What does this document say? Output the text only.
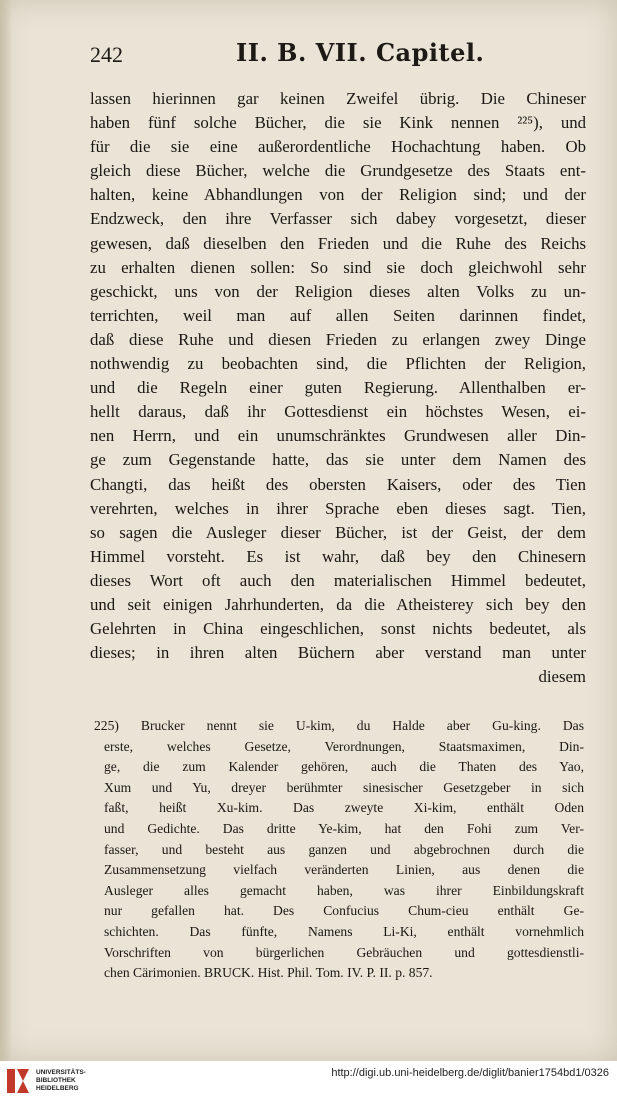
242	II. B. VII. Capitel.
lassen hierinnen gar keinen Zweifel übrig. Die Chineser
haben fünf solche Bücher, die sie Kink nennen ²²⁵), und
für die sie eine außerordentliche Hochachtung haben. Ob
gleich diese Bücher, welche die Grundgesetze des Staats ent-
halten, keine Abhandlungen von der Religion sind; und der
Endzweck, den ihre Verfasser sich dabey vorgesetzt, dieser
gewesen, daß dieselben den Frieden und die Ruhe des Reichs
zu erhalten dienen sollen: So sind sie doch gleichwohl sehr
geschickt, uns von der Religion dieses alten Volks zu un-
terrichten, weil man auf allen Seiten darinnen findet,
daß diese Ruhe und diesen Frieden zu erlangen zwey Dinge
nothwendig zu beobachten sind, die Pflichten der Religion,
und die Regeln einer guten Regierung. Allenthalben er-
hellt daraus, daß ihr Gottesdienst ein höchstes Wesen, ei-
nen Herrn, und ein unumschränktes Grundwesen aller Din-
ge zum Gegenstande hatte, das sie unter dem Namen des
Changti, das heißt des obersten Kaisers, oder des Tien
verehrten, welches in ihrer Sprache eben dieses sagt. Tien,
so sagen die Ausleger dieser Bücher, ist der Geist, der dem
Himmel vorsteht. Es ist wahr, daß bey den Chinesern
dieses Wort oft auch den materialischen Himmel bedeutet,
und seit einigen Jahrhunderten, da die Atheisterey sich bey den
Gelehrten in China eingeschlichen, sonst nichts bedeutet, als
dieses; in ihren alten Büchern aber verstand man unter
diesem
225) Brucker nennt sie U-kim, du Halde aber Gu-king. Das
erste, welches Gesetze, Verordnungen, Staatsmaximen, Din-
ge, die zum Kalender gehören, auch die Thaten des Yao,
Xum und Yu, dreyer berühmter sinesischer Gesetzgeber in sich
faßt, heißt Xu-kim. Das zweyte Xi-kim, enthält Oden
und Gedichte. Das dritte Ye-kim, hat den Fohi zum Ver-
fasser, und besteht aus ganzen und abgebrochnen durch die
Zusammensetzung vielfach veränderten Linien, aus denen die
Ausleger alles gemacht haben, was ihrer Einbildungskraft
nur gefallen hat. Des Confucius Chum-cieu enthält Ge-
schichten. Das fünfte, Namens Li-Ki, enthält vornehmlich
Vorschriften von bürgerlichen Gebräuchen und gottesdienstli-
chen Cärimonien. BRUCK. Hist. Phil. Tom. IV. P. II. p. 857.
UNIVERSITÄTS-
BIBLIOTHEK
HEIDELBERG
http://digi.ub.uni-heidelberg.de/diglit/banier1754bd1/0326
